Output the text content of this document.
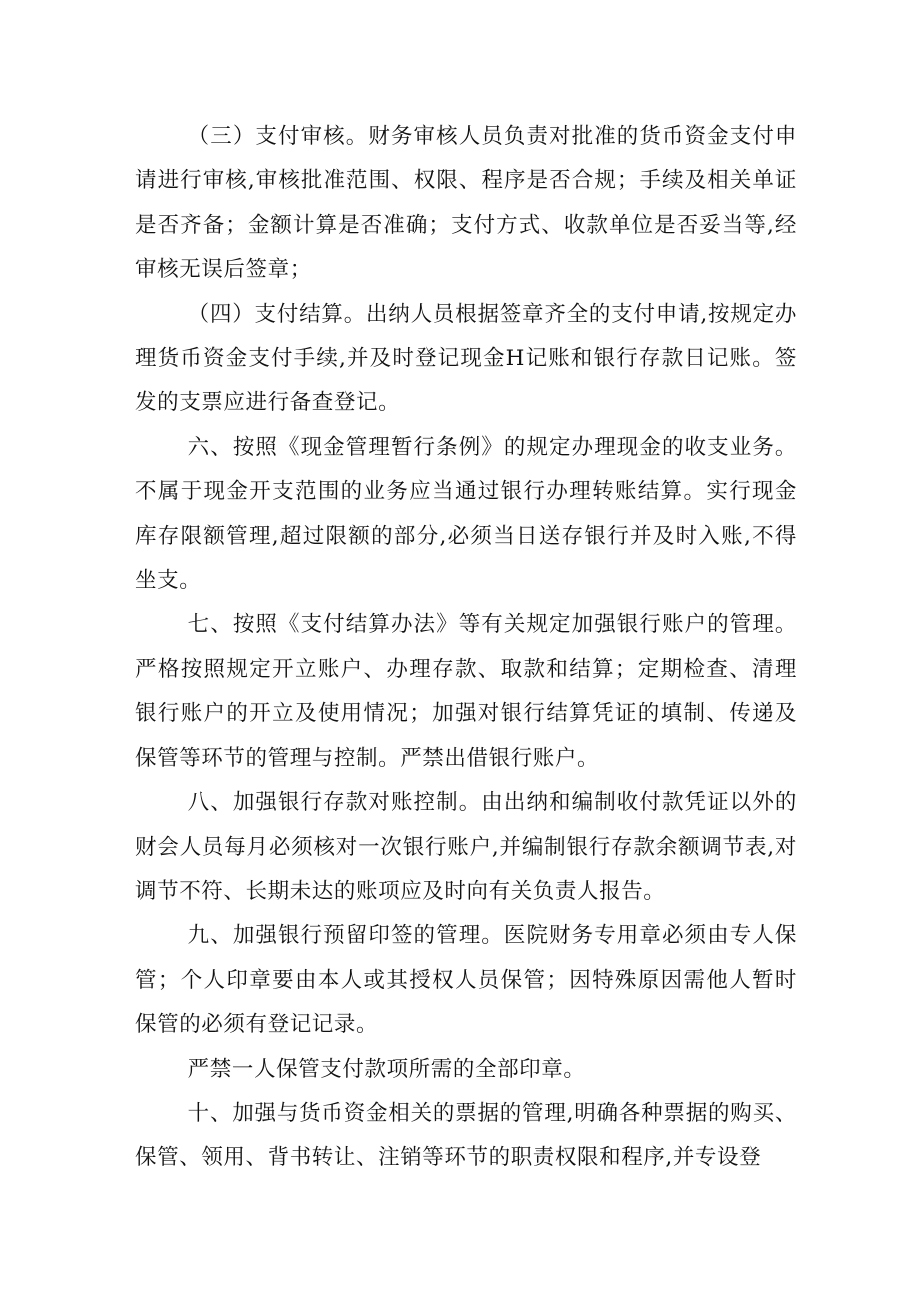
（三）支付审核。财务审核人员负责对批准的货币资金支付申请进行审核,审核批准范围、权限、程序是否合规；手续及相关单证是否齐备；金额计算是否准确；支付方式、收款单位是否妥当等,经审核无误后签章；

（四）支付结算。出纳人员根据签章齐全的支付申请,按规定办理货币资金支付手续,并及时登记现金H记账和银行存款日记账。签发的支票应进行备查登记。

六、按照《现金管理暂行条例》的规定办理现金的收支业务。不属于现金开支范围的业务应当通过银行办理转账结算。实行现金库存限额管理,超过限额的部分,必须当日送存银行并及时入账,不得坐支。

七、按照《支付结算办法》等有关规定加强银行账户的管理。严格按照规定开立账户、办理存款、取款和结算；定期检查、清理银行账户的开立及使用情况；加强对银行结算凭证的填制、传递及保管等环节的管理与控制。严禁出借银行账户。

八、加强银行存款对账控制。由出纳和编制收付款凭证以外的财会人员每月必须核对一次银行账户,并编制银行存款余额调节表,对调节不符、长期未达的账项应及时向有关负责人报告。

九、加强银行预留印签的管理。医院财务专用章必须由专人保管；个人印章要由本人或其授权人员保管；因特殊原因需他人暂时保管的必须有登记记录。

严禁一人保管支付款项所需的全部印章。

十、加强与货币资金相关的票据的管理,明确各种票据的购买、保管、领用、背书转让、注销等环节的职责权限和程序,并专设登
